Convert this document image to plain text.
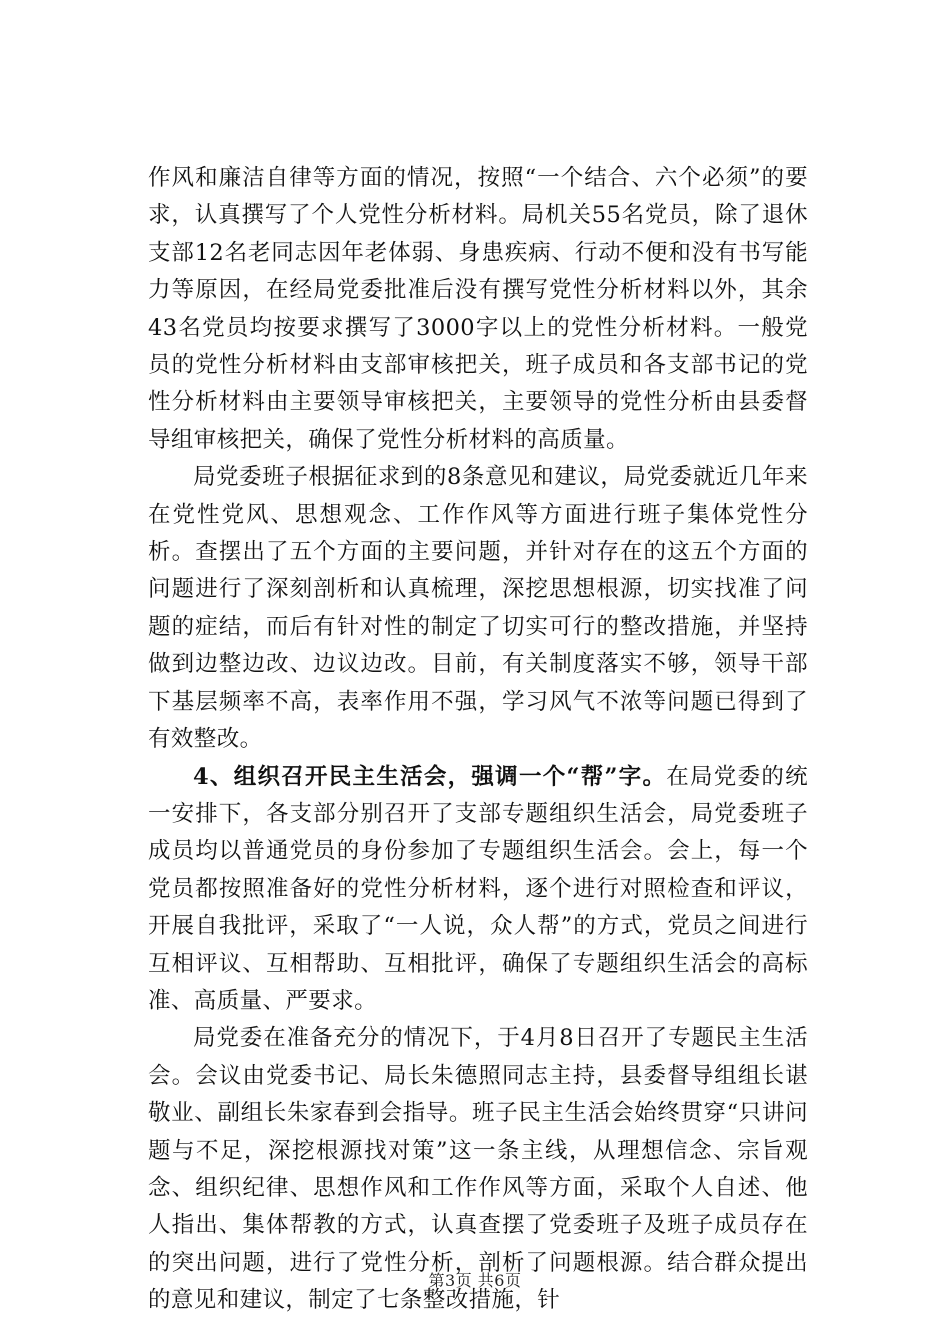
作风和廉洁自律等方面的情况，按照“一个结合、六个必须”的要求，认真撰写了个人党性分析材料。局机关55名党员，除了退休支部12名老同志因年老体弱、身患疾病、行动不便和没有书写能力等原因，在经局党委批准后没有撰写党性分析材料以外，其余43名党员均按要求撰写了3000字以上的党性分析材料。一般党员的党性分析材料由支部审核把关，班子成员和各支部书记的党性分析材料由主要领导审核把关，主要领导的党性分析由县委督导组审核把关，确保了党性分析材料的高质量。

局党委班子根据征求到的8条意见和建议，局党委就近几年来在党性党风、思想观念、工作作风等方面进行班子集体党性分析。查摆出了五个方面的主要问题，并针对存在的这五个方面的问题进行了深刻剖析和认真梳理，深挖思想根源，切实找准了问题的症结，而后有针对性的制定了切实可行的整改措施，并坚持做到边整边改、边议边改。目前，有关制度落实不够，领导干部下基层频率不高，表率作用不强，学习风气不浓等问题已得到了有效整改。

4、组织召开民主生活会，强调一个“帮”字。在局党委的统一安排下，各支部分别召开了支部专题组织生活会，局党委班子成员均以普通党员的身份参加了专题组织生活会。会上，每一个党员都按照准备好的党性分析材料，逐个进行对照检查和评议，开展自我批评，采取了“一人说，众人帮”的方式，党员之间进行互相评议、互相帮助、互相批评，确保了专题组织生活会的高标准、高质量、严要求。

局党委在准备充分的情况下，于4月8日召开了专题民主生活会。会议由党委书记、局长朱德照同志主持，县委督导组组长谌敬业、副组长朱家春到会指导。班子民主生活会始终贯穿“只讲问题与不足，深挖根源找对策”这一条主线，从理想信念、宗旨观念、组织纪律、思想作风和工作作风等方面，采取个人自述、他人指出、集体帮教的方式，认真查摆了党委班子及班子成员存在的突出问题，进行了党性分析，剖析了问题根源。结合群众提出的意见和建议，制定了七条整改措施，针

第3页 共6页
